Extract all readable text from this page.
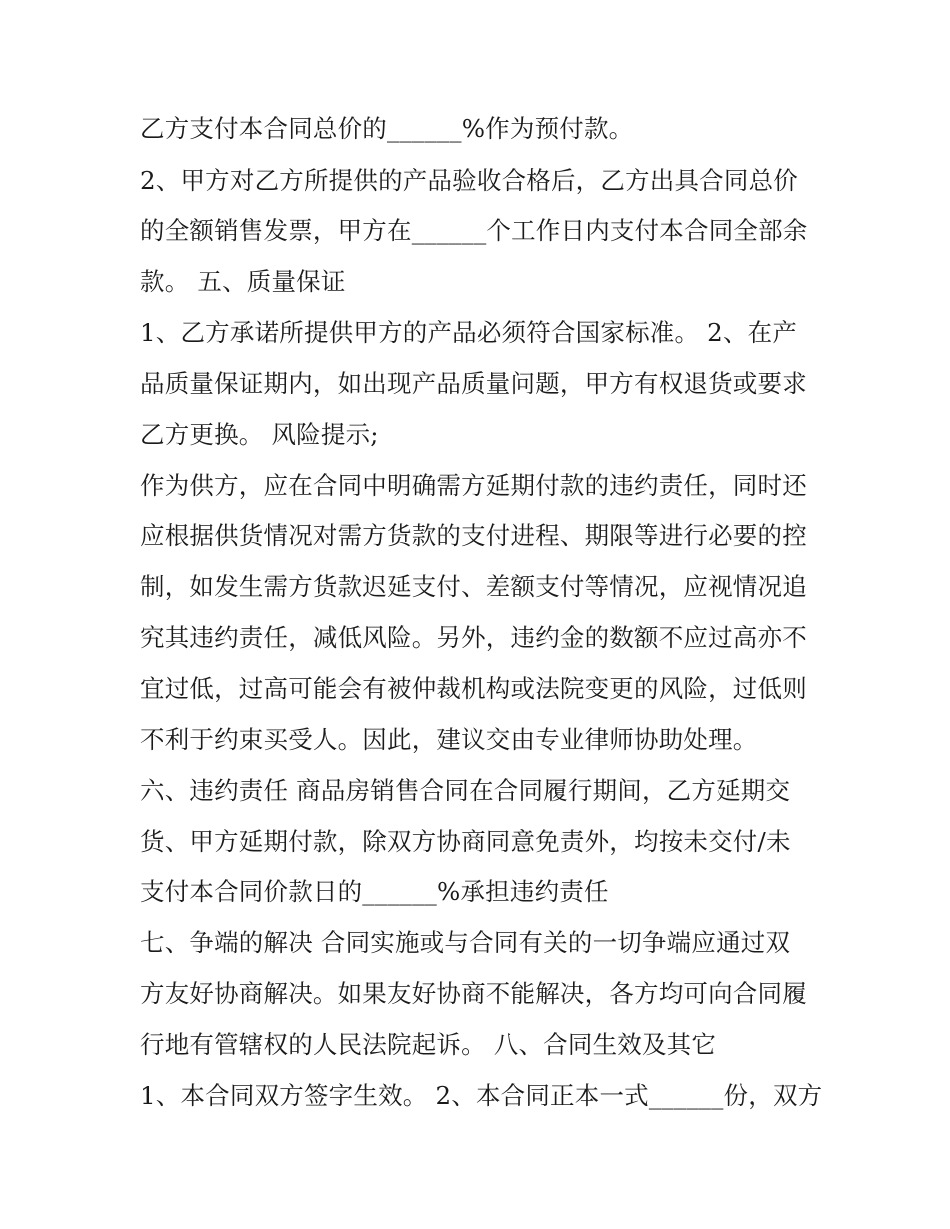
乙方支付本合同总价的______%作为预付款。

2、甲方对乙方所提供的产品验收合格后，乙方出具合同总价

的全额销售发票，甲方在______个工作日内支付本合同全部余

款。 五、质量保证

1、乙方承诺所提供甲方的产品必须符合国家标准。 2、在产

品质量保证期内，如出现产品质量问题，甲方有权退货或要求

乙方更换。 风险提示;

作为供方，应在合同中明确需方延期付款的违约责任，同时还

应根据供货情况对需方货款的支付进程、期限等进行必要的控

制，如发生需方货款迟延支付、差额支付等情况，应视情况追

究其违约责任，减低风险。另外，违约金的数额不应过高亦不

宜过低，过高可能会有被仲裁机构或法院变更的风险，过低则

不利于约束买受人。因此，建议交由专业律师协助处理。

六、违约责任 商品房销售合同在合同履行期间，乙方延期交

货、甲方延期付款，除双方协商同意免责外，均按未交付/未

支付本合同价款日的______%承担违约责任

七、争端的解决 合同实施或与合同有关的一切争端应通过双

方友好协商解决。如果友好协商不能解决，各方均可向合同履

行地有管辖权的人民法院起诉。 八、合同生效及其它

1、本合同双方签字生效。 2、本合同正本一式______份，双方
